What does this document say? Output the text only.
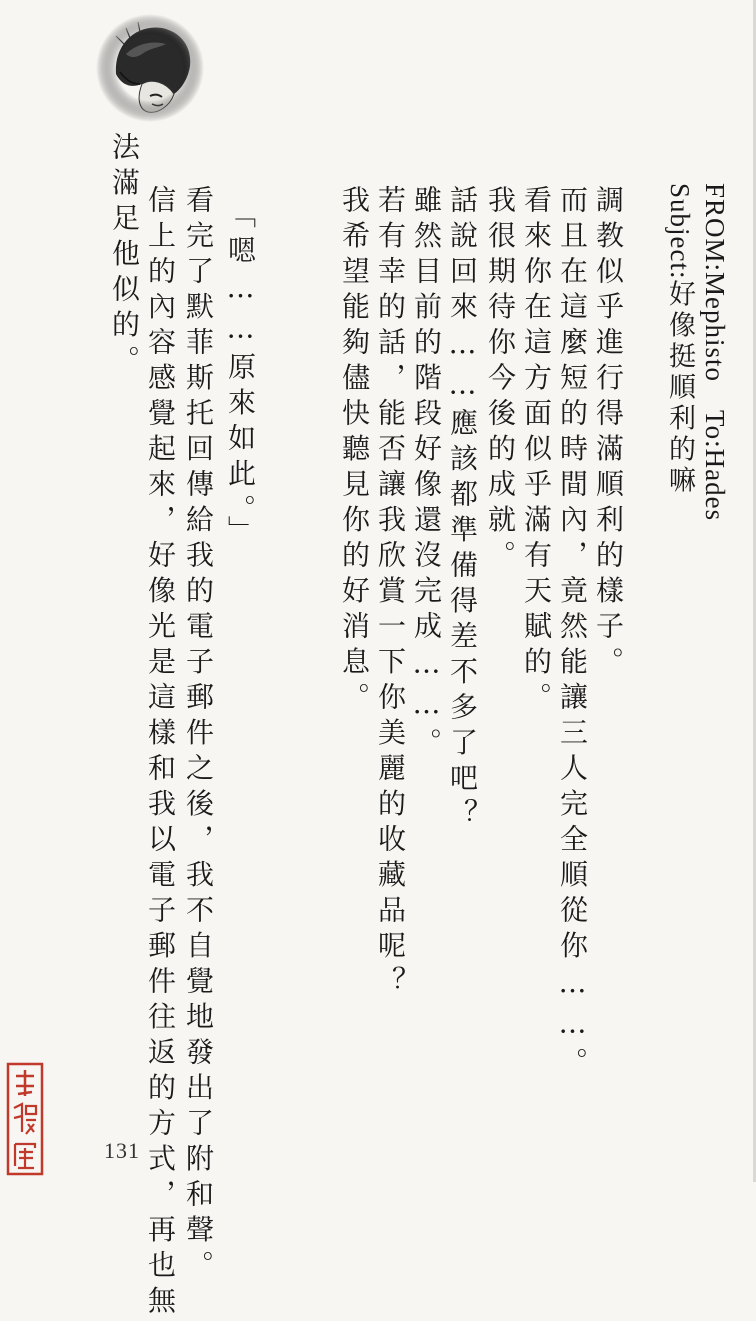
FROM:Mephisto　To:Hades
Subject:好像挺順利的嘛
調教似乎進行得滿順利的樣子。
而且在這麼短的時間內，竟然能讓三人完全順從你……。
看來你在這方面似乎滿有天賦的。
我很期待你今後的成就。
話說回來……應該都準備得差不多了吧？
雖然目前的階段好像還沒完成……。
若有幸的話，能否讓我欣賞一下你美麗的收藏品呢？
我希望能夠儘快聽見你的好消息。
「嗯……原來如此。」
看完了默菲斯托回傳給我的電子郵件之後，我不自覺地發出了附和聲。
信上的內容感覺起來，好像光是這樣和我以電子郵件往返的方式，再也無
法滿足他似的。
131
